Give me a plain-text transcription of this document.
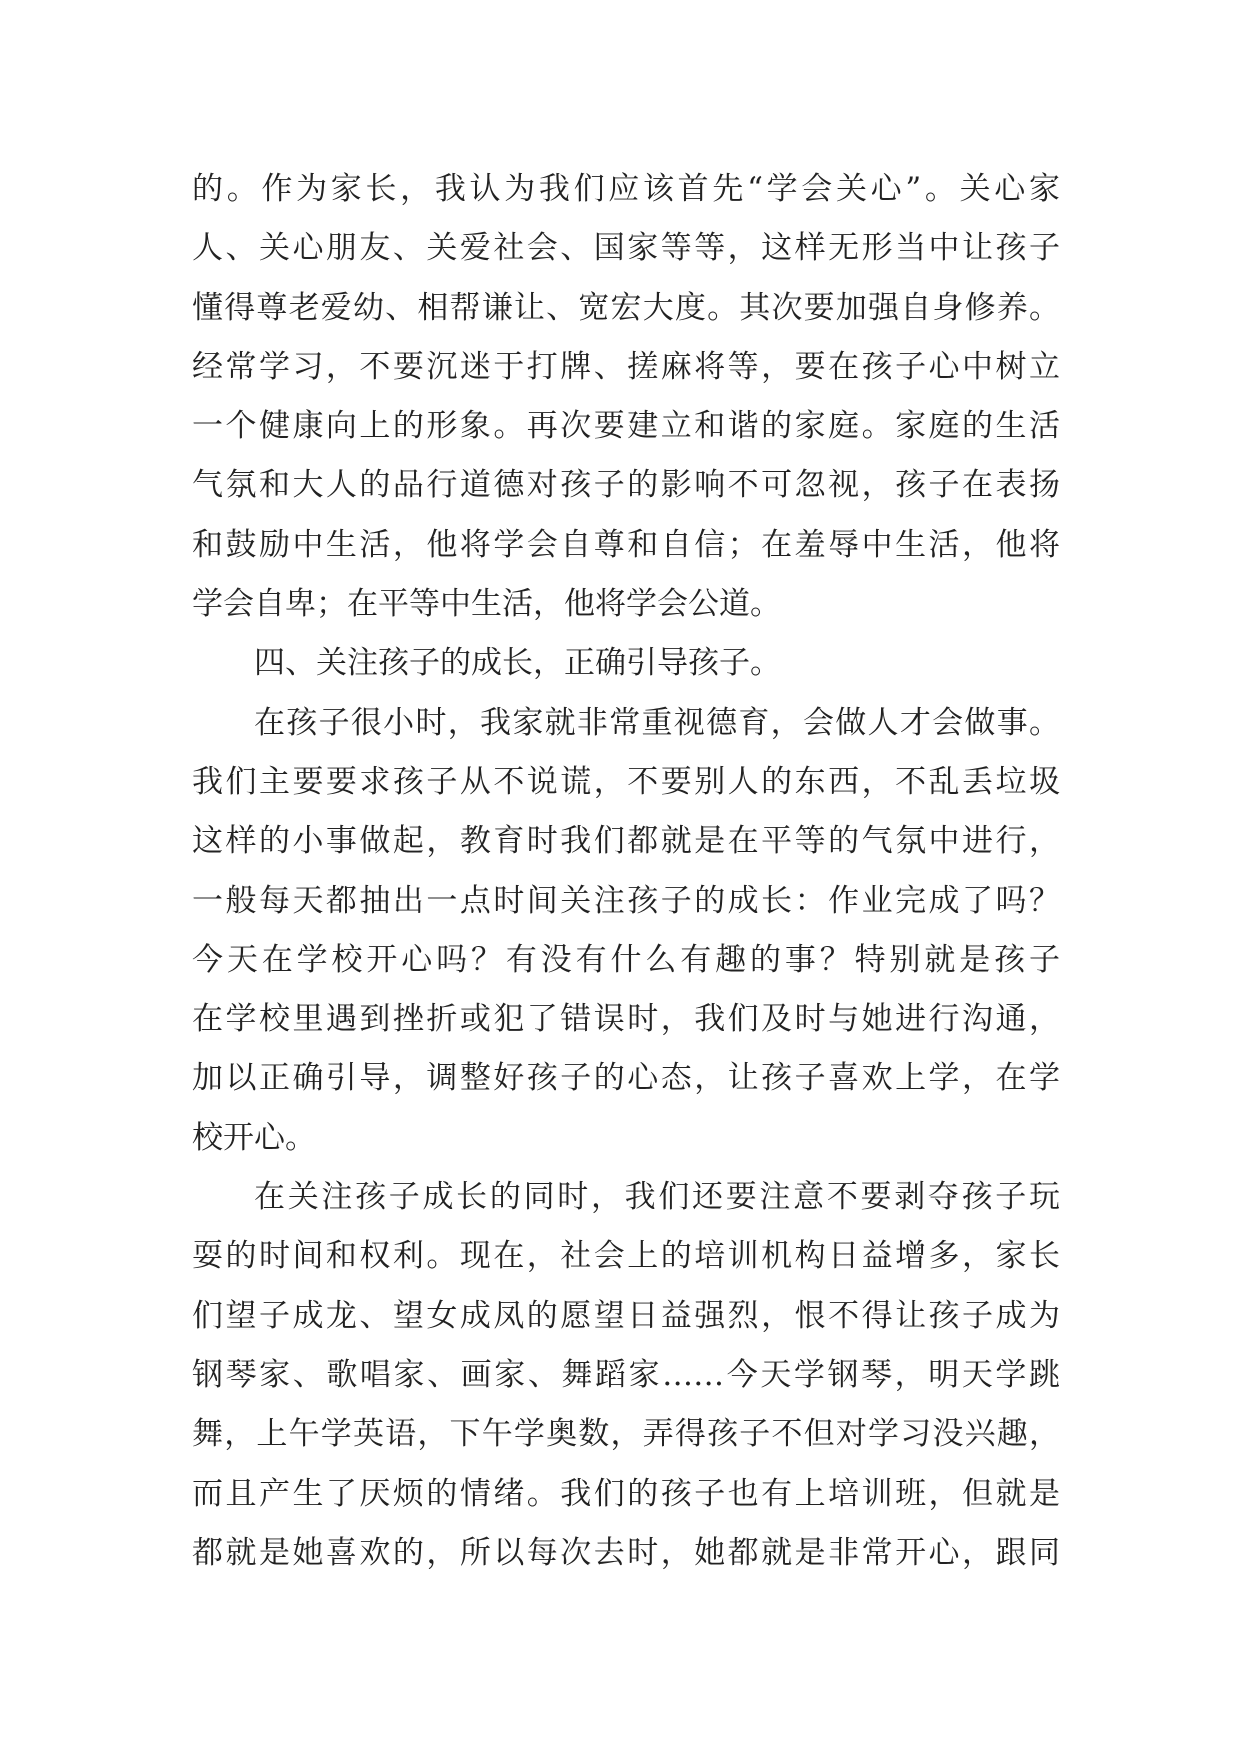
的。作为家长，我认为我们应该首先“学会关心”。关心家
人、关心朋友、关爱社会、国家等等，这样无形当中让孩子
懂得尊老爱幼、相帮谦让、宽宏大度。其次要加强自身修养。
经常学习，不要沉迷于打牌、搓麻将等，要在孩子心中树立
一个健康向上的形象。再次要建立和谐的家庭。家庭的生活
气氛和大人的品行道德对孩子的影响不可忽视，孩子在表扬
和鼓励中生活，他将学会自尊和自信；在羞辱中生活，他将
学会自卑；在平等中生活，他将学会公道。
四、关注孩子的成长，正确引导孩子。
在孩子很小时，我家就非常重视德育，会做人才会做事。
我们主要要求孩子从不说谎，不要别人的东西，不乱丢垃圾
这样的小事做起，教育时我们都就是在平等的气氛中进行，
一般每天都抽出一点时间关注孩子的成长：作业完成了吗？
今天在学校开心吗？有没有什么有趣的事？特别就是孩子
在学校里遇到挫折或犯了错误时，我们及时与她进行沟通，
加以正确引导，调整好孩子的心态，让孩子喜欢上学，在学
校开心。
在关注孩子成长的同时，我们还要注意不要剥夺孩子玩
耍的时间和权利。现在，社会上的培训机构日益增多，家长
们望子成龙、望女成凤的愿望日益强烈，恨不得让孩子成为
钢琴家、歌唱家、画家、舞蹈家……今天学钢琴，明天学跳
舞，上午学英语，下午学奥数，弄得孩子不但对学习没兴趣，
而且产生了厌烦的情绪。我们的孩子也有上培训班，但就是
都就是她喜欢的，所以每次去时，她都就是非常开心，跟同
